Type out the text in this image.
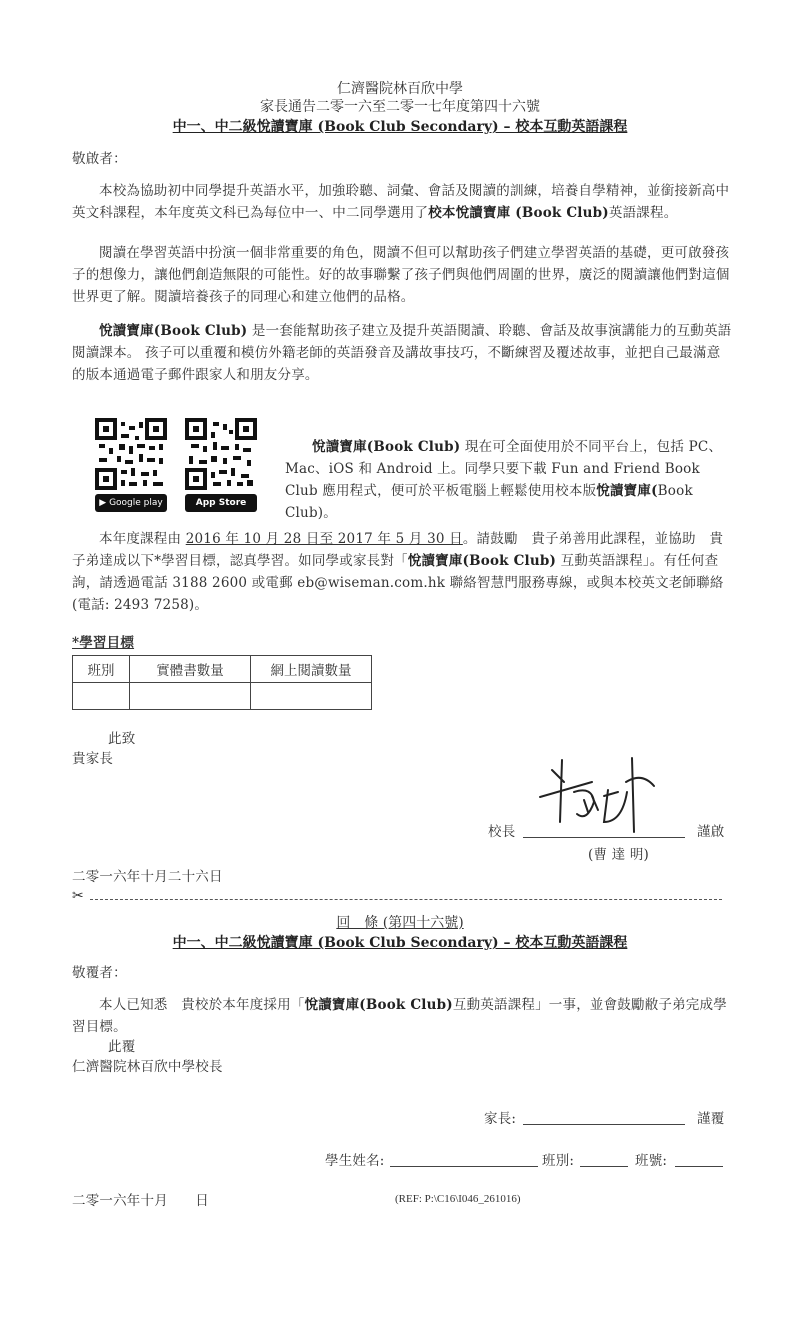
仁濟醫院林百欣中學
家長通告二零一六至二零一七年度第四十六號
中一、中二級悅讀寶庫 (Book Club Secondary) – 校本互動英語課程
敬啟者：
本校為協助初中同學提升英語水平，加強聆聽、詞彙、會話及閱讀的訓練，培養自學精神，並銜接新高中英文科課程，本年度英文科已為每位中一、中二同學選用了校本悅讀寶庫 (Book Club)英語課程。
閱讀在學習英語中扮演一個非常重要的角色，閱讀不但可以幫助孩子們建立學習英語的基礎，更可啟發孩子的想像力，讓他們創造無限的可能性。好的故事聯繫了孩子們與他們周圍的世界，廣泛的閱讀讓他們對這個世界更了解。閱讀培養孩子的同理心和建立他們的品格。
悅讀寶庫(Book Club) 是一套能幫助孩子建立及提升英語閱讀、聆聽、會話及故事演講能力的互動英語閱讀課本。 孩子可以重覆和模仿外籍老師的英語發音及講故事技巧，不斷練習及覆述故事，並把自己最滿意的版本通過電子郵件跟家人和朋友分享。
▶ Google play	App Store
悅讀寶庫(Book Club) 現在可全面使用於不同平台上，包括 PC、Mac、iOS 和 Android 上。同學只要下載 Fun and Friend Book Club 應用程式，便可於平板電腦上輕鬆使用校本版悅讀寶庫(Book Club)。
本年度課程由 2016 年 10 月 28 日至 2017 年 5 月 30 日。請鼓勵　貴子弟善用此課程，並協助　貴子弟達成以下*學習目標，認真學習。如同學或家長對「悅讀寶庫(Book Club) 互動英語課程」。有任何查詢，請透過電話 3188 2600 或電郵 eb@wiseman.com.hk 聯絡智慧門服務專線，或與本校英文老師聯絡 (電話: 2493 7258)。
*學習目標
班別	實體書數量	網上閱讀數量

此致
貴家長
校長	謹啟
(曹 達 明)
二零一六年十月二十六日
✂
回　條 (第四十六號)
中一、中二級悅讀寶庫 (Book Club Secondary) – 校本互動英語課程
敬覆者：
本人已知悉　貴校於本年度採用「悅讀寶庫(Book Club)互動英語課程」一事，並會鼓勵敝子弟完成學習目標。
此覆
仁濟醫院林百欣中學校長
家長:	謹覆
學生姓名:	班別:	班號:
二零一六年十月　　日	(REF: P:\C16\I046_261016)
